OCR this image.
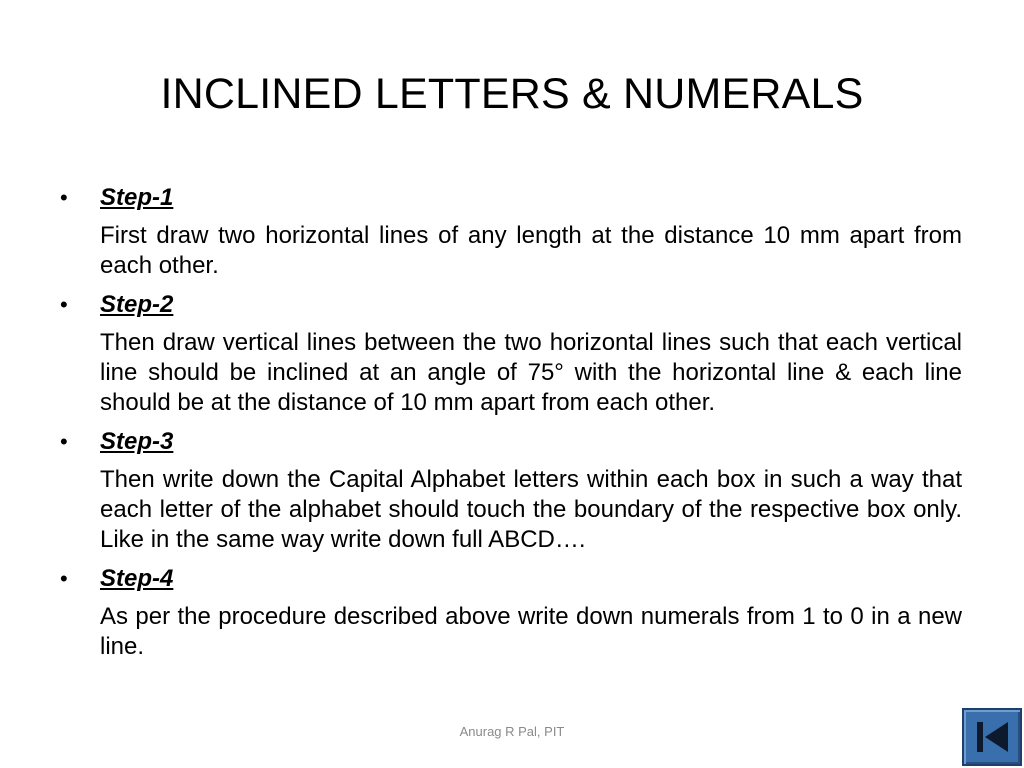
INCLINED LETTERS & NUMERALS
• Step-1
First draw two horizontal lines of any length at the distance 10 mm apart from each other.
• Step-2
Then draw vertical lines between the two horizontal lines such that each vertical line should be inclined at an angle of 75° with the horizontal line & each line should be at the distance of 10 mm apart from each other.
• Step-3
Then write down the Capital Alphabet letters within each box in such a way that each letter of the alphabet should touch the boundary of the respective box only. Like in the same way write down full ABCD….
• Step-4
As per the procedure described above write down numerals from 1 to 0 in a new line.
Anurag R Pal, PIT
